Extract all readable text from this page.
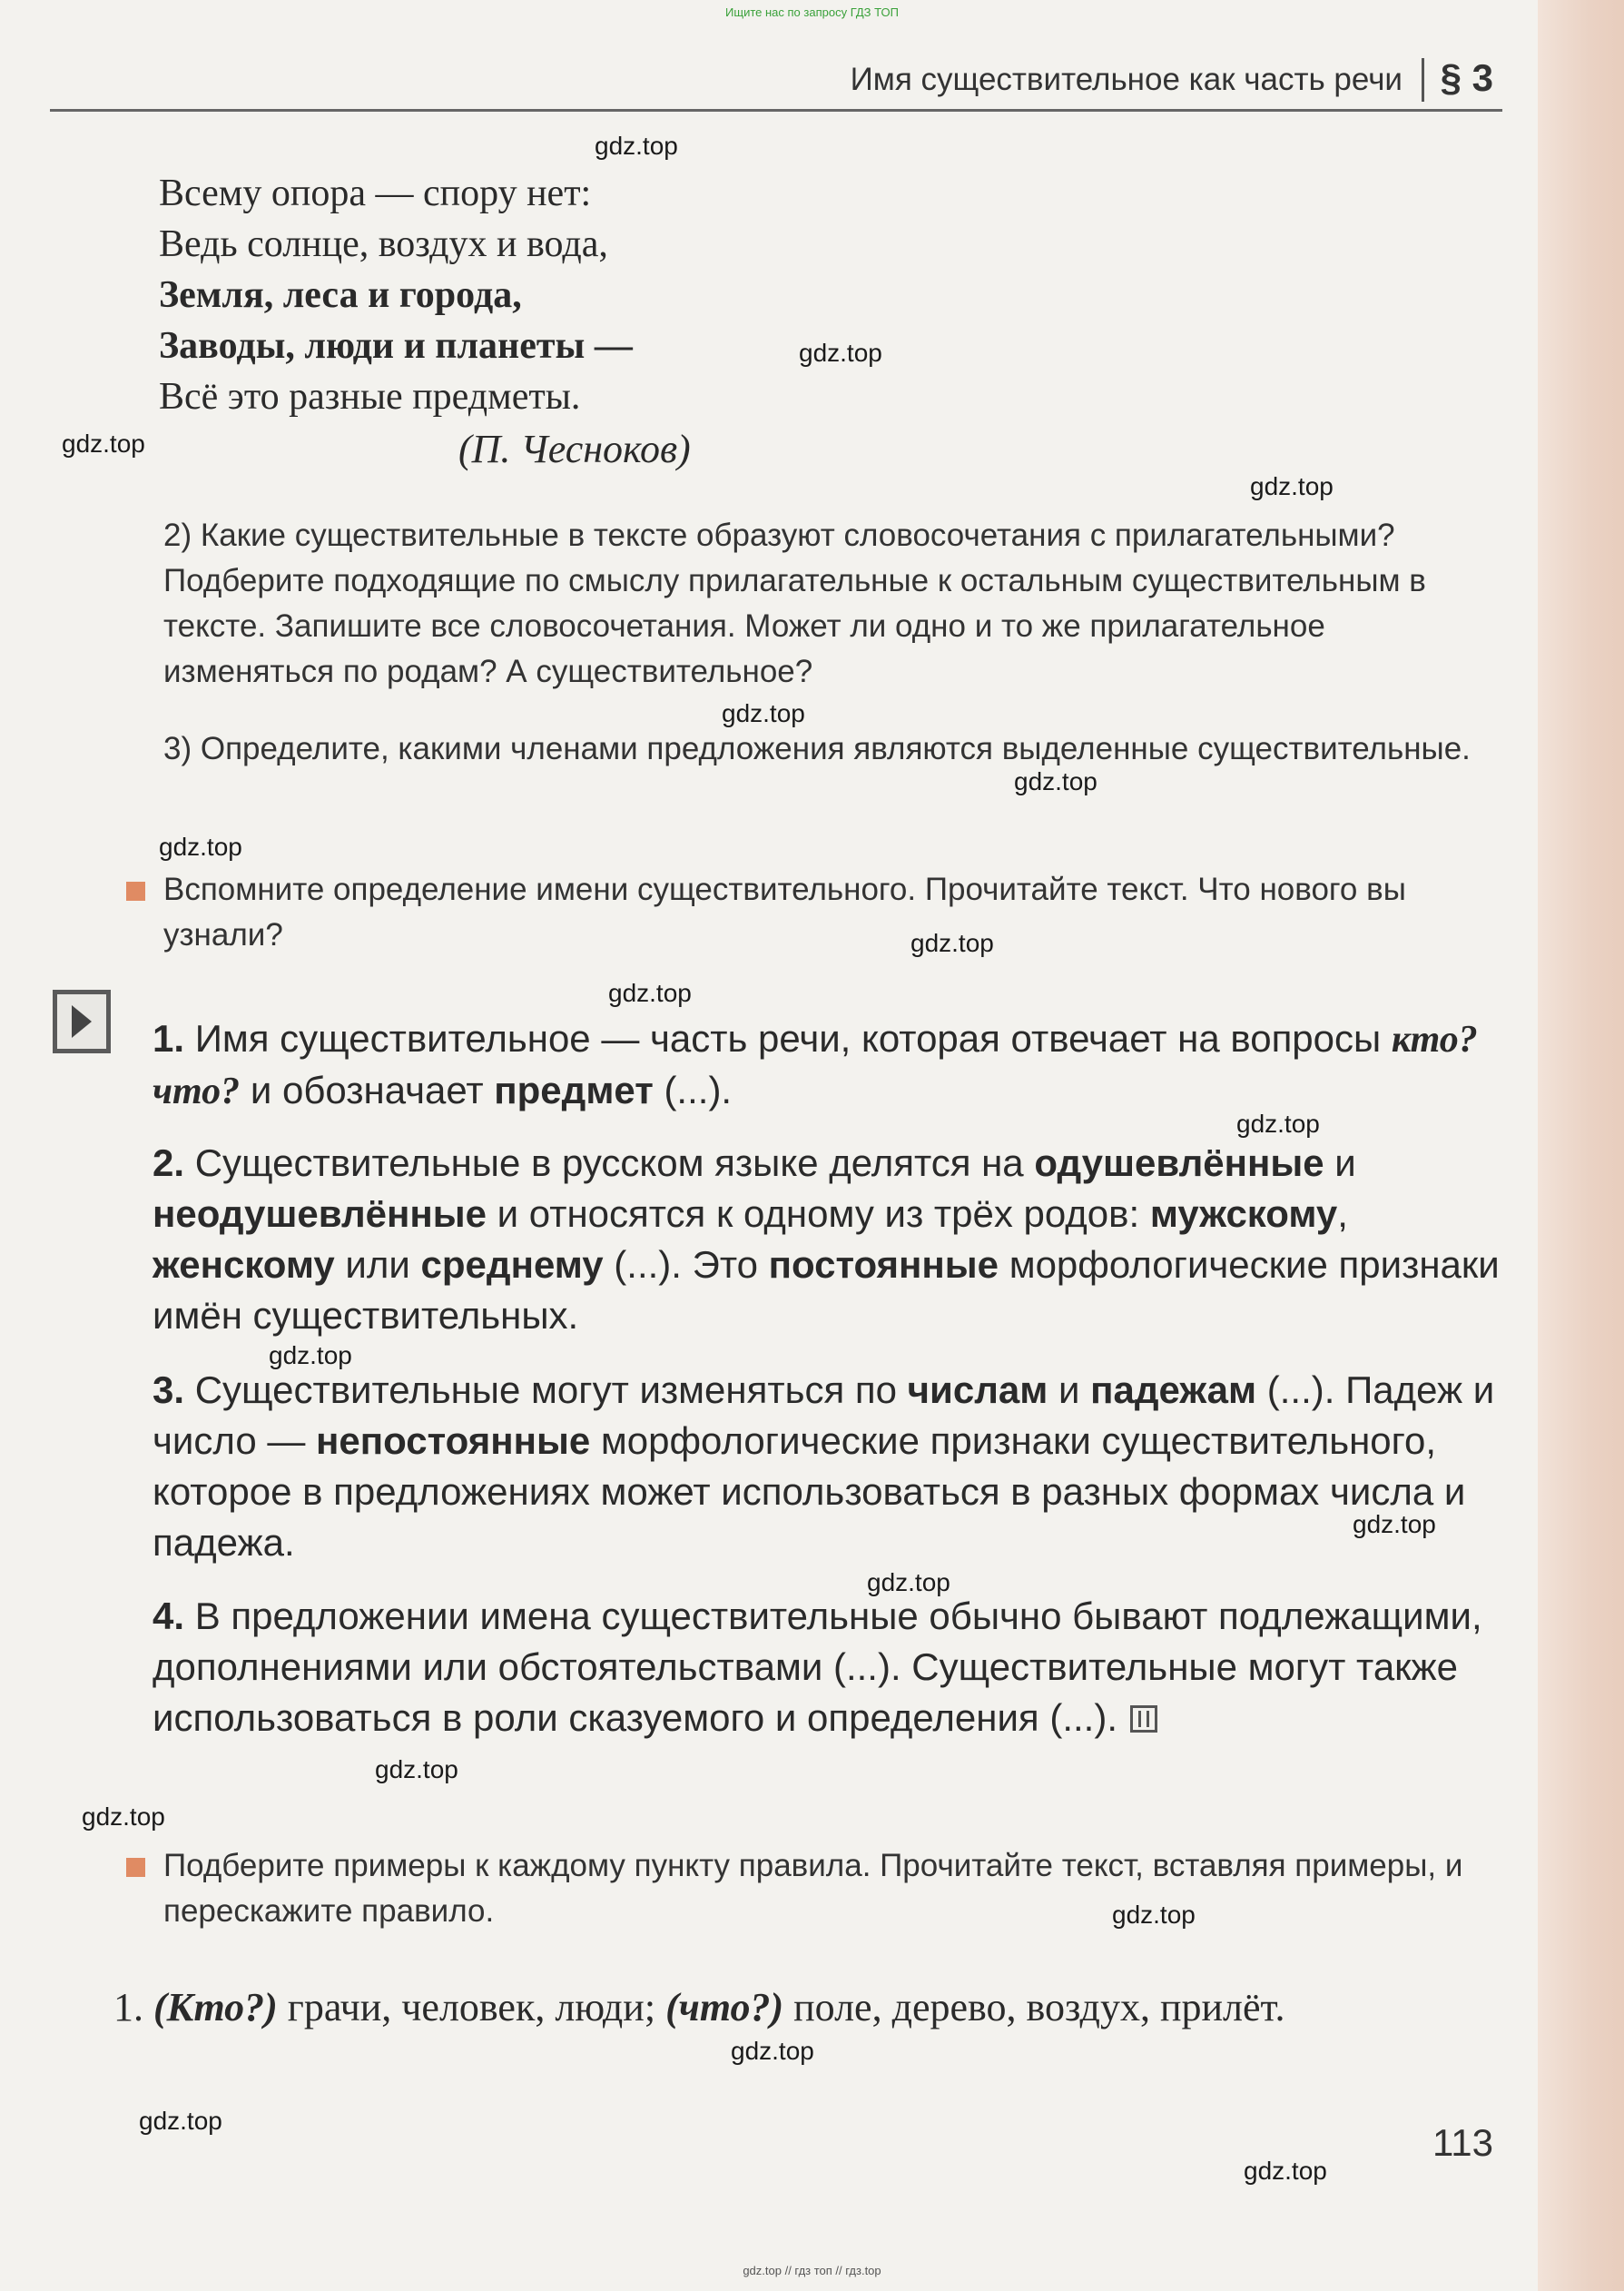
Ищите нас по запросу ГДЗ ТОП
Имя существительное как часть речи § 3
Всему опора — спору нет:
Ведь солнце, воздух и вода,
Земля, леса и города,
Заводы, люди и планеты —
Всё это разные предметы.
(П. Чесноков)
2) Какие существительные в тексте образуют словосочетания с прилагательными? Подберите подходящие по смыслу прилагательные к остальным существительным в тексте. Запишите все словосочетания. Может ли одно и то же прилагательное изменяться по родам? А существительное?
3) Определите, какими членами предложения являются выделенные существительные.
Вспомните определение имени существительного. Прочитайте текст. Что нового вы узнали?
1. Имя существительное — часть речи, которая отвечает на вопросы кто? что? и обозначает предмет (...).
2. Существительные в русском языке делятся на одушевлённые и неодушевлённые и относятся к одному из трёх родов: мужскому, женскому или среднему (...). Это постоянные морфологические признаки имён существительных.
3. Существительные могут изменяться по числам и падежам (...). Падеж и число — непостоянные морфологические признаки существительного, которое в предложениях может использоваться в разных формах числа и падежа.
4. В предложении имена существительные обычно бывают подлежащими, дополнениями или обстоятельствами (...). Существительные могут также использоваться в роли сказуемого и определения (...).
Подберите примеры к каждому пункту правила. Прочитайте текст, вставляя примеры, и перескажите правило.
1. (Кто?) грачи, человек, люди; (что?) поле, дерево, воздух, прилёт.
113
gdz.top // гдз топ // гдз.top
gdz.top
gdz.top
gdz.top
gdz.top
gdz.top
gdz.top
gdz.top
gdz.top
gdz.top
gdz.top
gdz.top
gdz.top
gdz.top
gdz.top
gdz.top
gdz.top
gdz.top
gdz.top
gdz.top
